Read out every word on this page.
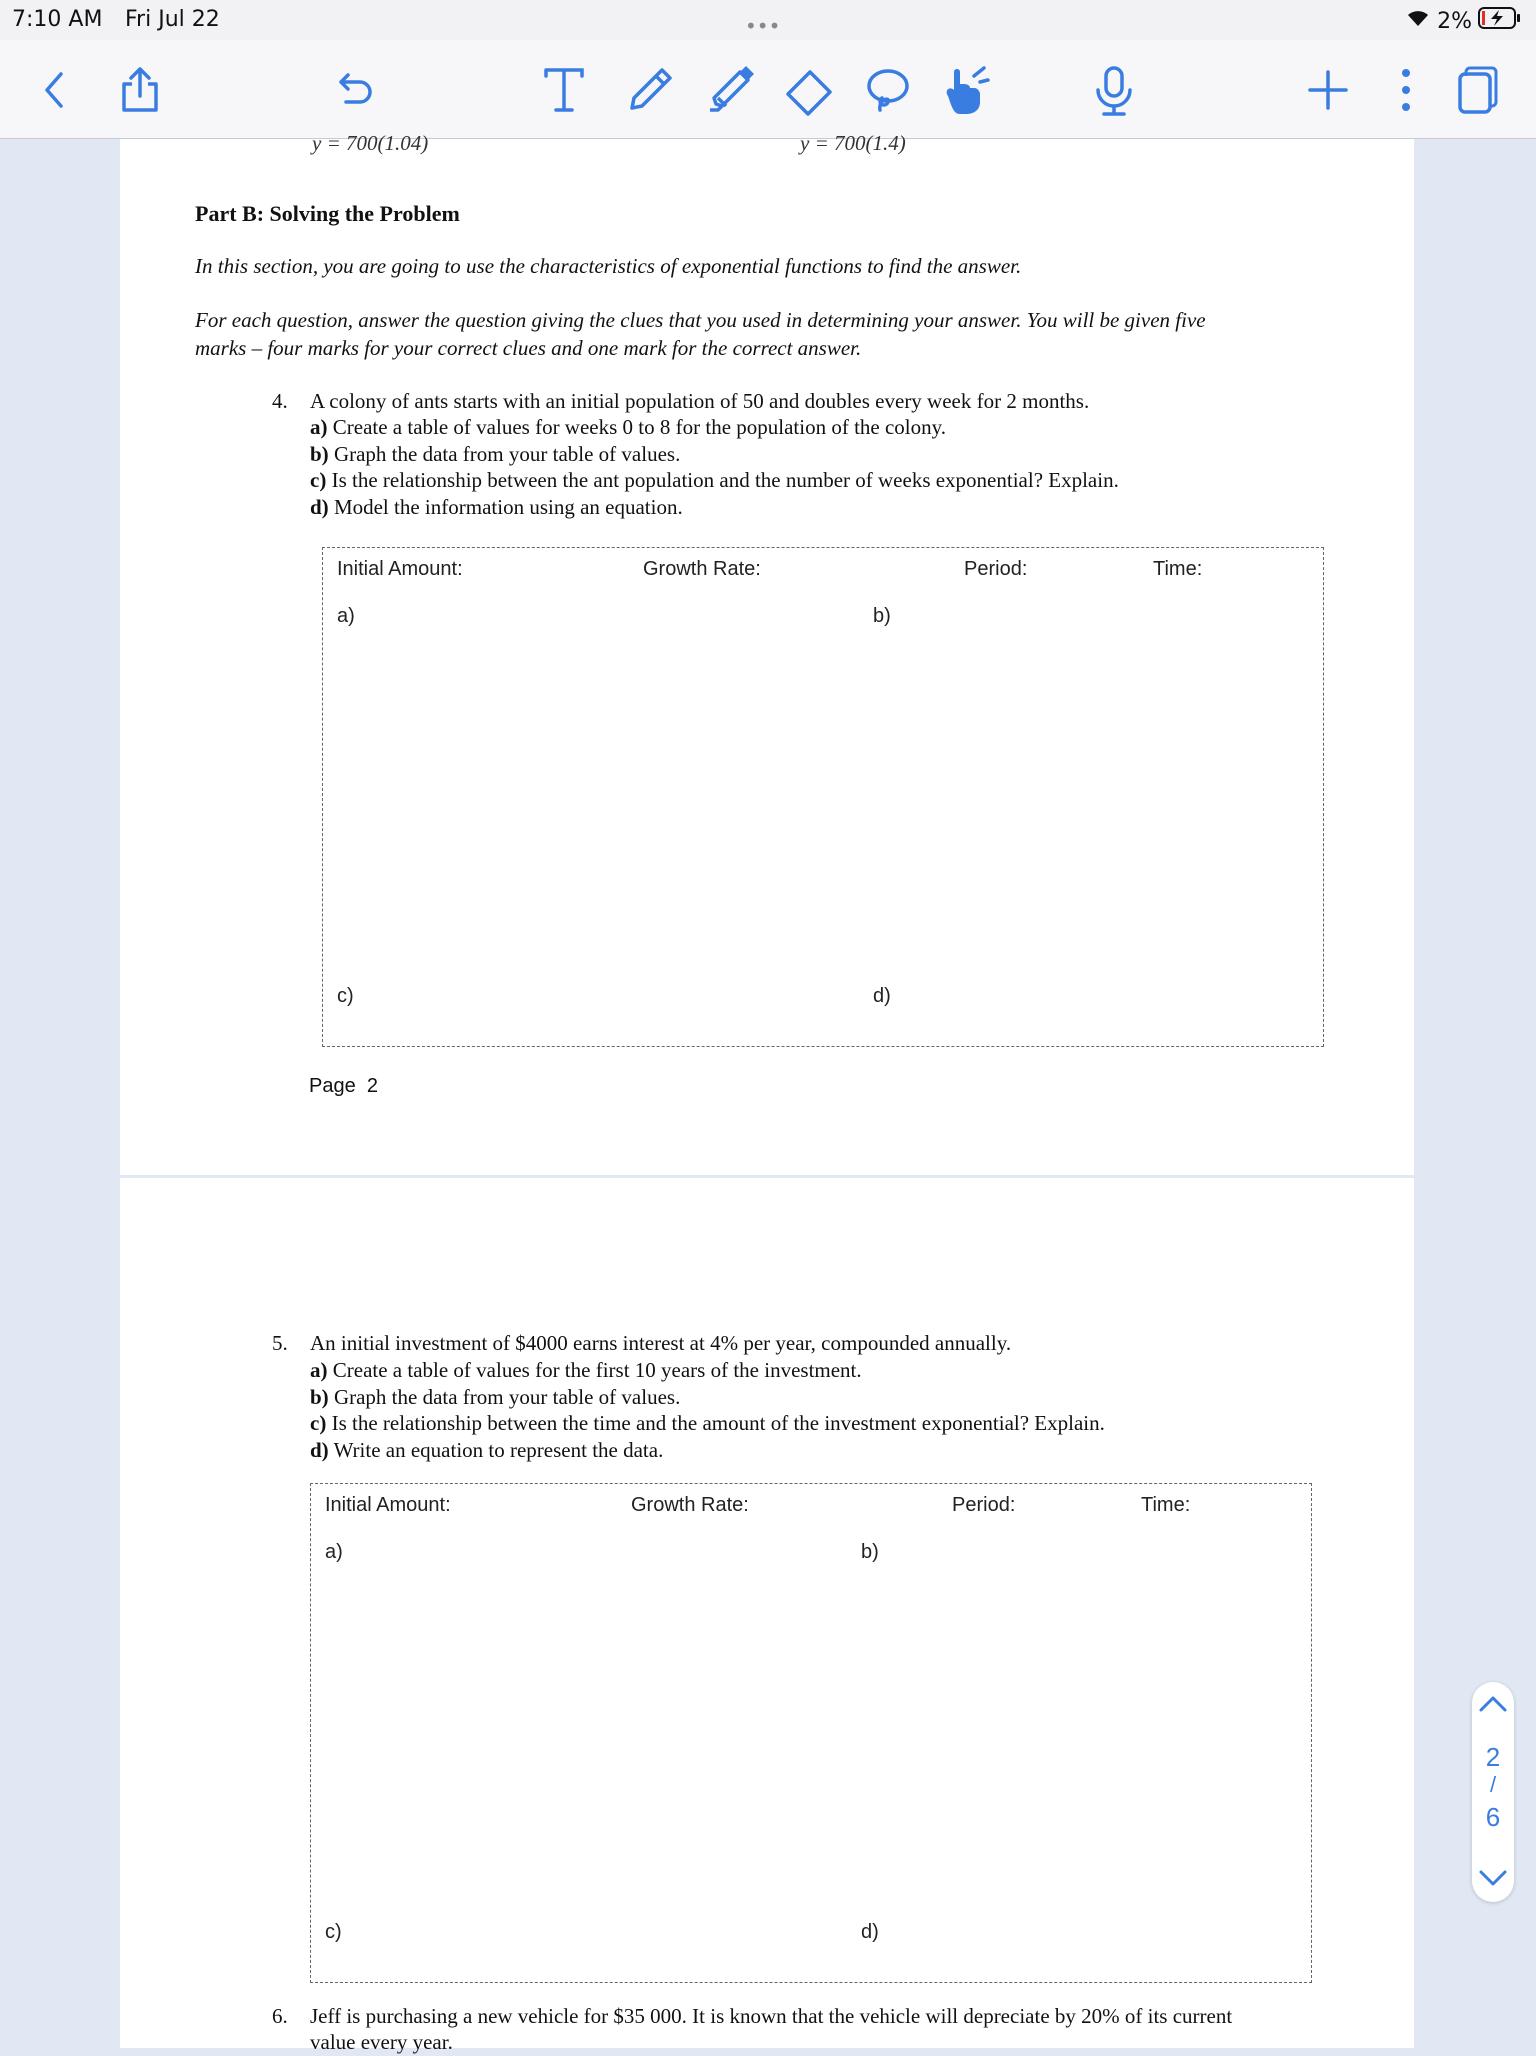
7:10 AM Fri Jul 22	•••	2%
y = 700(1.04)	y = 700(1.4)
Part B: Solving the Problem
In this section, you are going to use the characteristics of exponential functions to find the answer.
For each question, answer the question giving the clues that you used in determining your answer. You will be given five
marks – four marks for your correct clues and one mark for the correct answer.
4. A colony of ants starts with an initial population of 50 and doubles every week for 2 months.
a) Create a table of values for weeks 0 to 8 for the population of the colony.
b) Graph the data from your table of values.
c) Is the relationship between the ant population and the number of weeks exponential? Explain.
d) Model the information using an equation.
Initial Amount:	Growth Rate:	Period:	Time:
a)	b)
c)	d)
Page  2
5. An initial investment of $4000 earns interest at 4% per year, compounded annually.
a) Create a table of values for the first 10 years of the investment.
b) Graph the data from your table of values.
c) Is the relationship between the time and the amount of the investment exponential? Explain.
d) Write an equation to represent the data.
Initial Amount:	Growth Rate:	Period:	Time:
a)	b)
c)	d)
6. Jeff is purchasing a new vehicle for $35 000. It is known that the vehicle will depreciate by 20% of its current
value every year.
2
/
6
